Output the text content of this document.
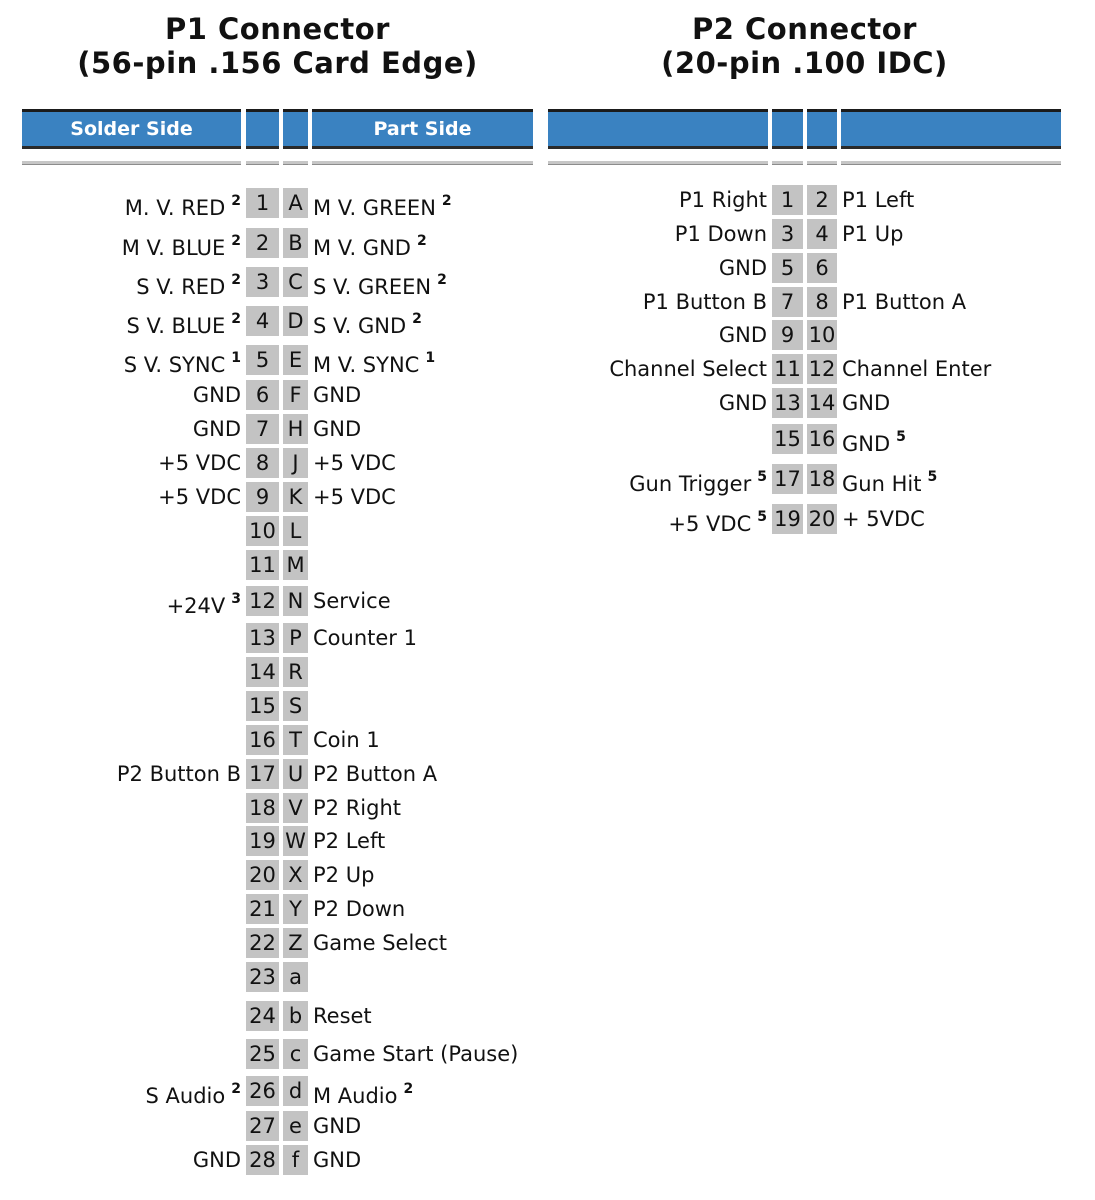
P1 Connector
(56-pin .156 Card Edge)
P2 Connector
(20-pin .100 IDC)
Solder Side	Part Side
M. V. RED $^2$ 1 A M V. GREEN $^2$
M V. BLUE $^2$ 2 B M V. GND $^2$
S V. RED $^2$ 3 C S V. GREEN $^2$
S V. BLUE $^2$ 4 D S V. GND $^2$
S V. SYNC $^1$ 5 E M V. SYNC $^1$
GND 6 F GND
GND 7 H GND
+5 VDC 8	J +5 VDC
+5 VDC 9 K +5 VDC
10 L
11 M
+24V $^3$ 12 N Service
13 P Counter 1
14 R
15 S
16 T Coin 1
P2 Button B 17 U P2 Button A
18 V P2 Right
19 W P2 Left
20 X P2 Up
21 Y P2 Down
22 Z Game Select
23 a
24 b Reset
25 c Game Start (Pause)
S Audio $^2$ 26 d M Audio $^2$
27 e GND
GND 28 f GND
P1 Right 1	2 P1 Left
P1 Down 3	4 P1 Up
GND 5	6
P1 Button B 7	8 P1 Button A
GND 9 10
Channel Select 11 12 Channel Enter
GND 13 14 GND
15 16 GND $^5$
Gun Trigger $^5$ 17 18 Gun Hit $^5$
+5 VDC $^5$ 19 20 + 5VDC
